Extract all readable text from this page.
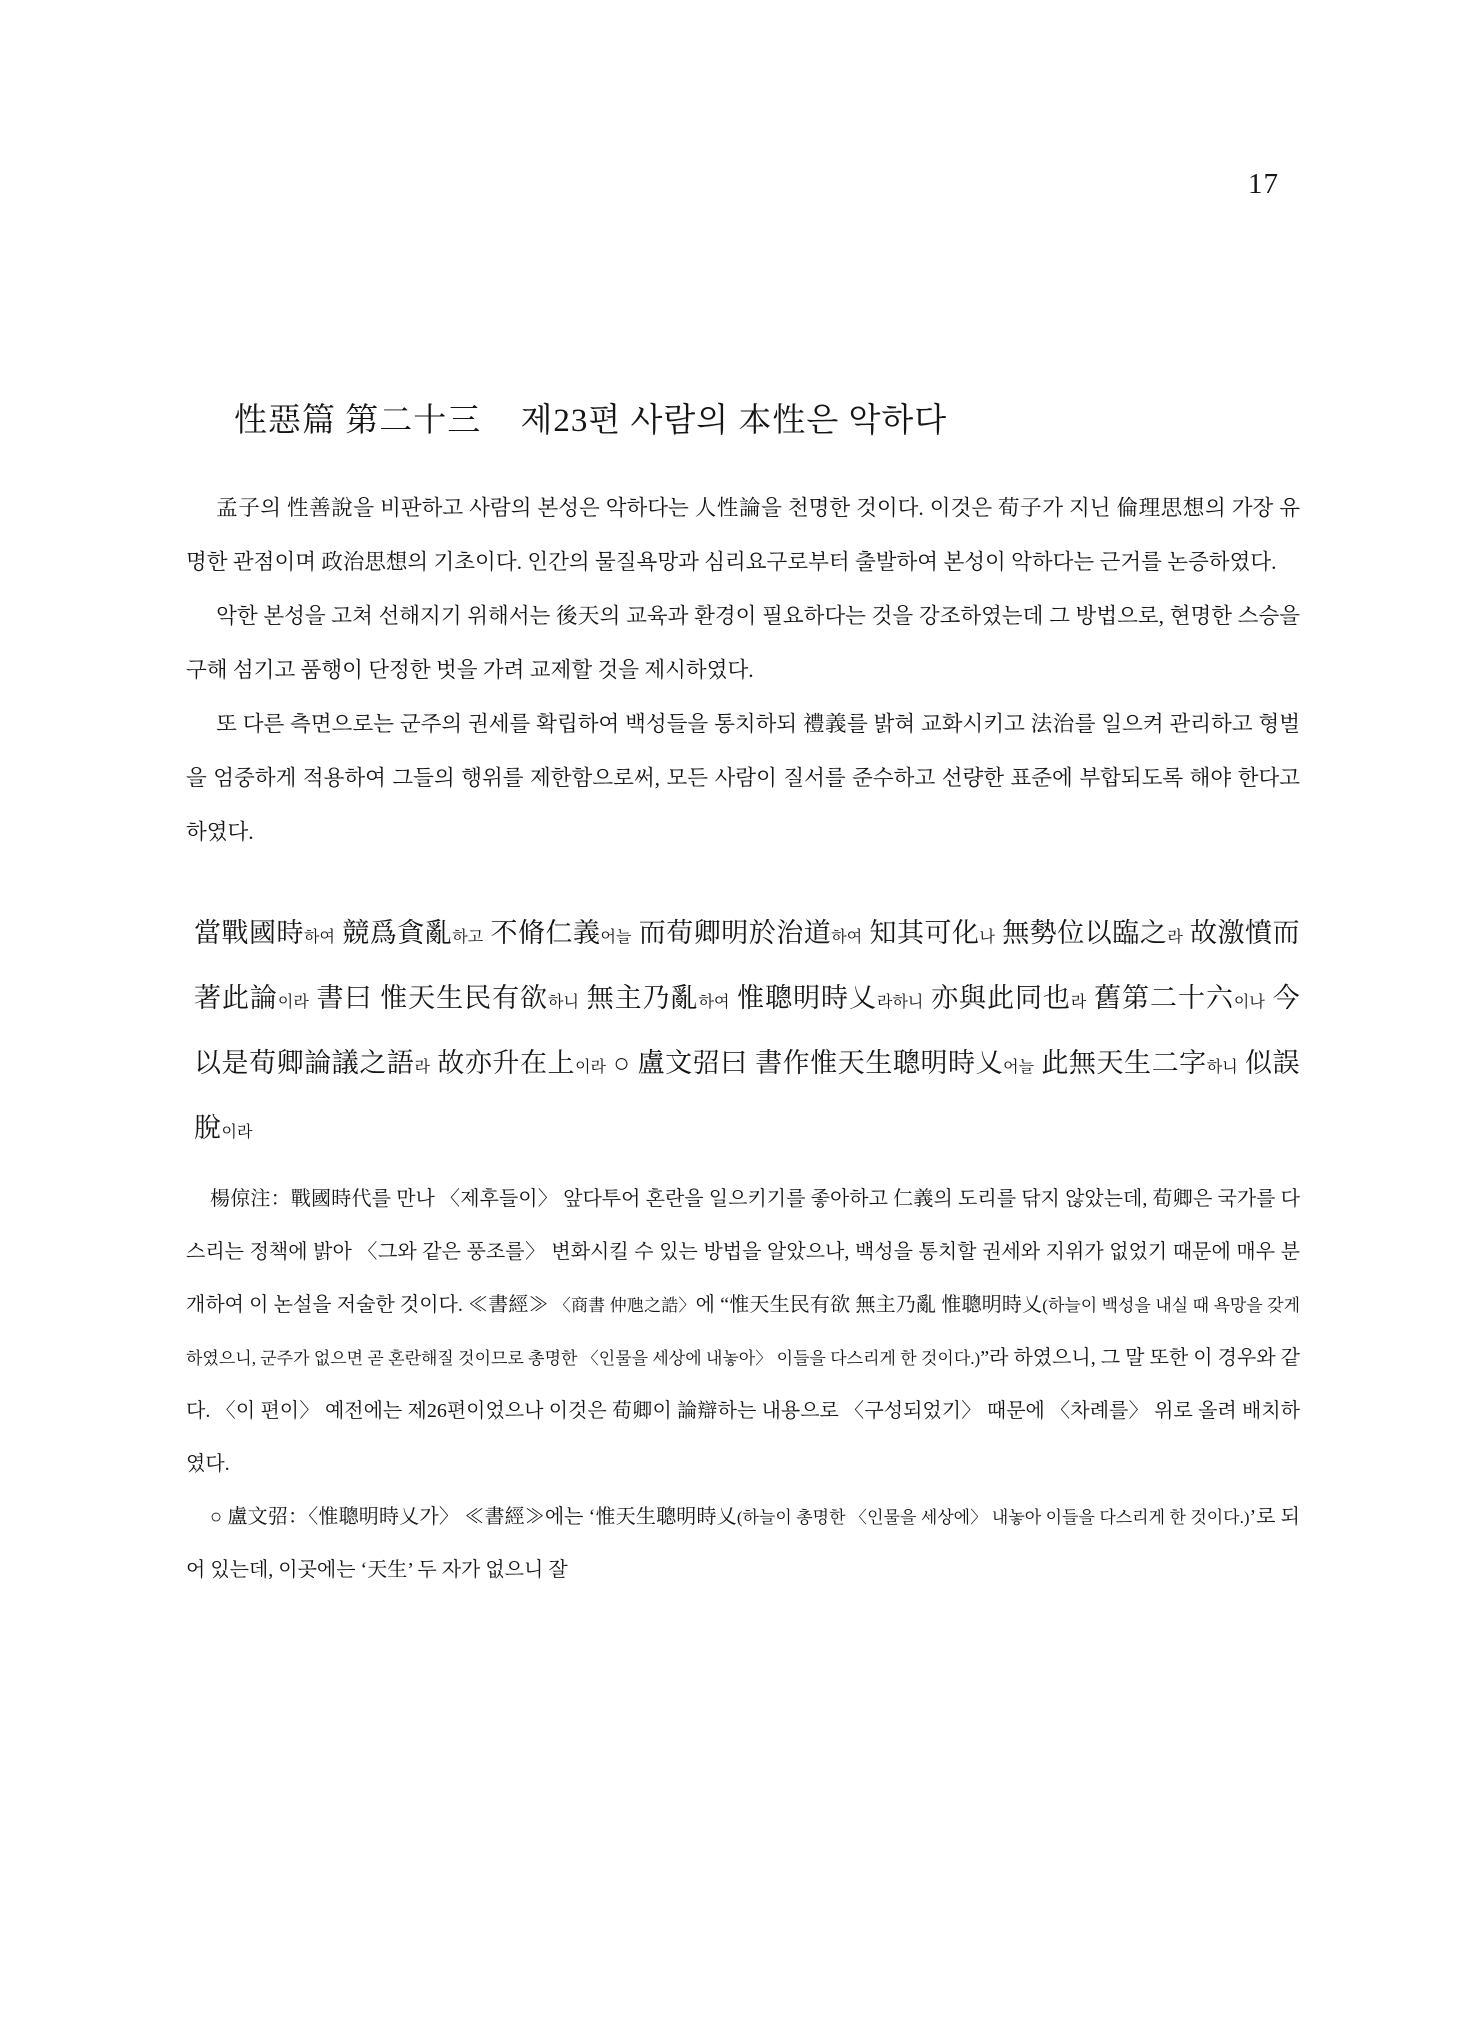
17
性惡篇 第二十三 제23편 사람의 本性은 악하다

孟子의 性善說을 비판하고 사람의 본성은 악하다는 人性論을 천명한 것이다. 이것은 荀子가 지닌 倫理思想의 가장 유명한 관점이며 政治思想의 기초이다. 인간의 물질욕망과 심리요구로부터 출발하여 본성이 악하다는 근거를 논증하였다.

악한 본성을 고쳐 선해지기 위해서는 後天의 교육과 환경이 필요하다는 것을 강조하였는데 그 방법으로, 현명한 스승을 구해 섬기고 품행이 단정한 벗을 가려 교제할 것을 제시하였다.

또 다른 측면으로는 군주의 권세를 확립하여 백성들을 통치하되 禮義를 밝혀 교화시키고 法治를 일으켜 관리하고 형벌을 엄중하게 적용하여 그들의 행위를 제한함으로써, 모든 사람이 질서를 준수하고 선량한 표준에 부합되도록 해야 한다고 하였다.

當戰國時하여 競爲貪亂하고 不脩仁義어늘 而荀卿明於治道하여 知其可化나 無勢位以臨之라 故激憤而著此論이라 書曰 惟天生民有欲하니 無主乃亂하여 惟聰明時乂라하니 亦與此同也라 舊第二十六이나 今以是荀卿論議之語라 故亦升在上이라 ○ 盧文弨曰 書作惟天生聰明時乂어늘 此無天生二字하니 似誤脫이라

楊倞注：戰國時代를 만나 〈제후들이〉 앞다투어 혼란을 일으키기를 좋아하고 仁義의 도리를 닦지 않았는데, 荀卿은 국가를 다스리는 정책에 밝아 〈그와 같은 풍조를〉 변화시킬 수 있는 방법을 알았으나, 백성을 통치할 권세와 지위가 없었기 때문에 매우 분개하여 이 논설을 저술한 것이다. ≪書經≫ 〈商書 仲虺之誥〉에 “惟天生民有欲 無主乃亂 惟聰明時乂(하늘이 백성을 내실 때 욕망을 갖게 하였으니, 군주가 없으면 곧 혼란해질 것이므로 총명한 〈인물을 세상에 내놓아〉 이들을 다스리게 한 것이다.)”라 하였으니, 그 말 또한 이 경우와 같다. 〈이 편이〉 예전에는 제26편이었으나 이것은 荀卿이 論辯하는 내용으로 〈구성되었기〉 때문에 〈차례를〉 위로 올려 배치하였다.

○ 盧文弨：〈惟聰明時乂가〉 ≪書經≫에는 ‘惟天生聰明時乂(하늘이 총명한 〈인물을 세상에〉 내놓아 이들을 다스리게 한 것이다.)’로 되어 있는데, 이곳에는 ‘天生’ 두 자가 없으니 잘
